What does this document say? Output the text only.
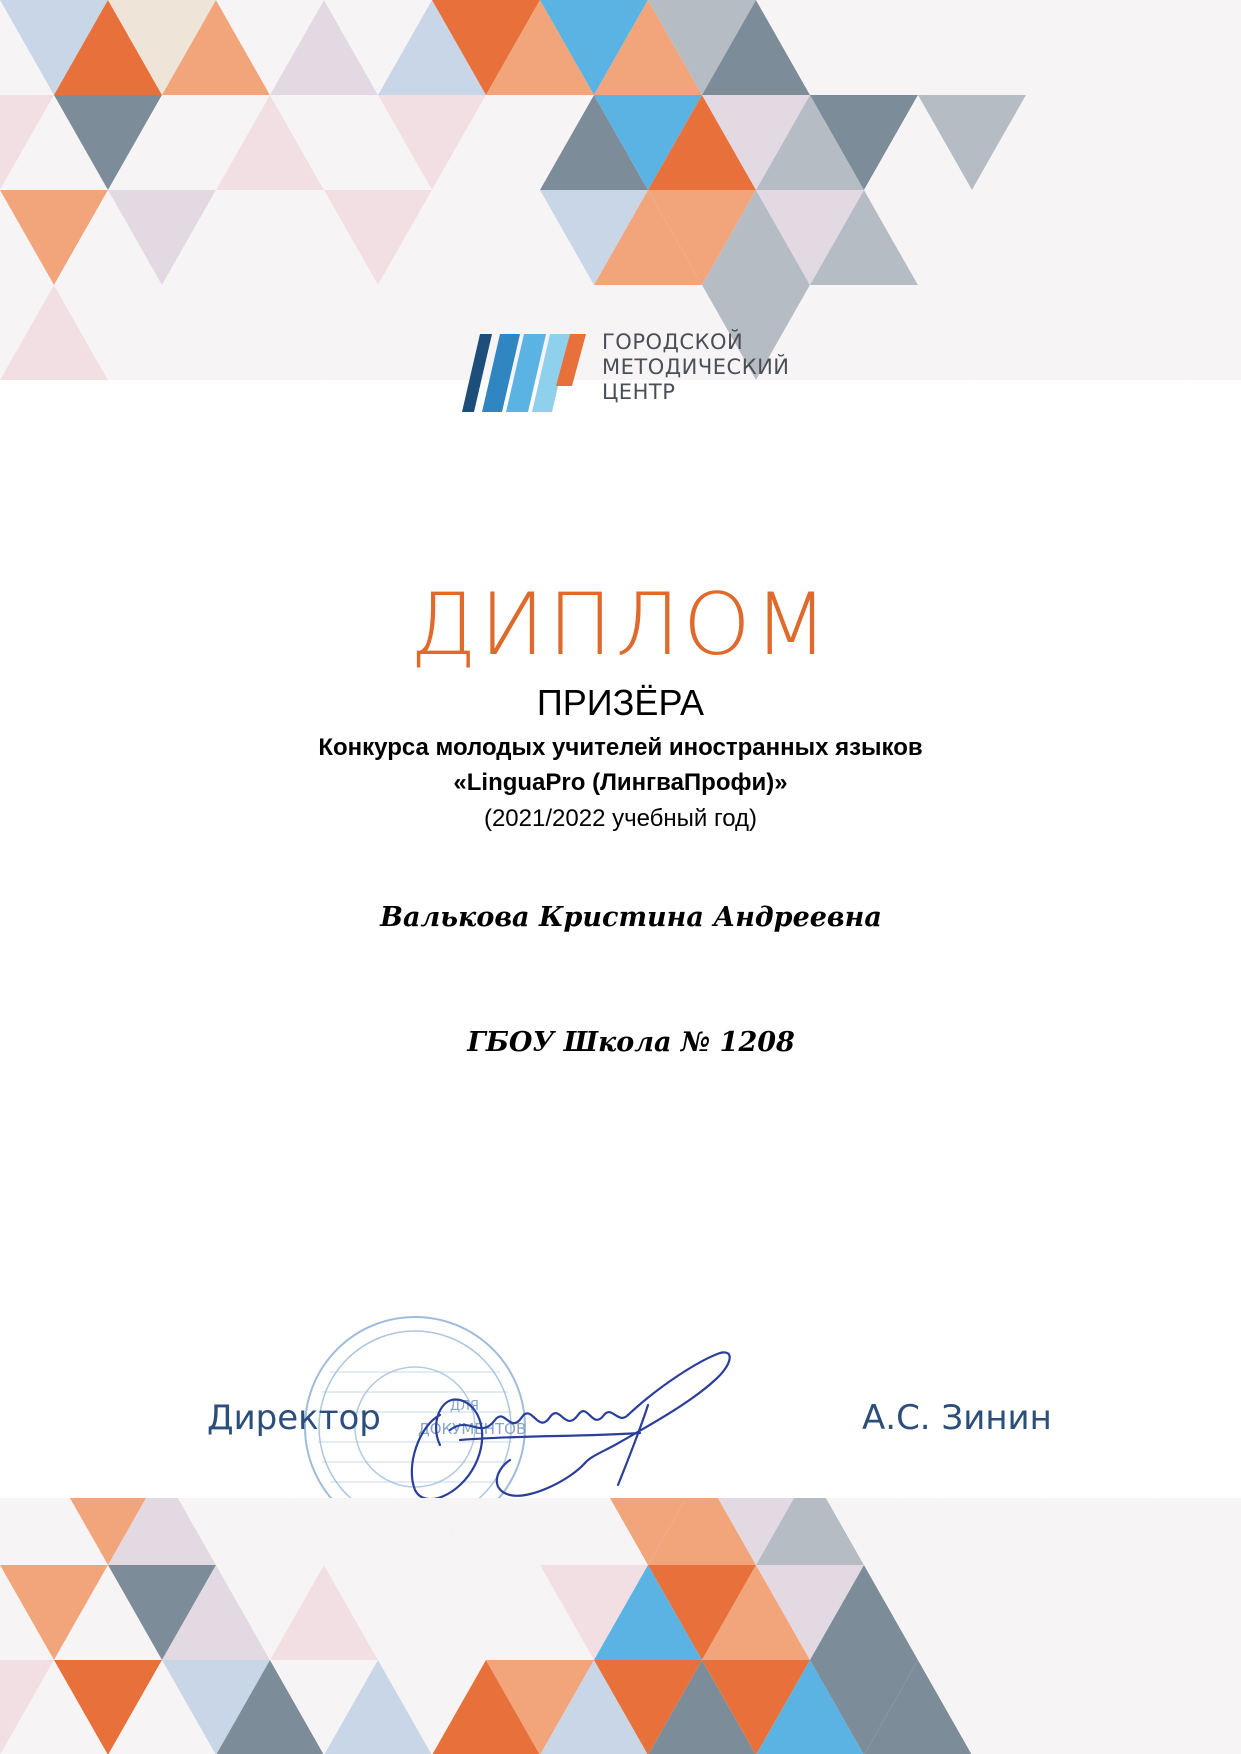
ГОРОДСКОЙ
МЕТОДИЧЕСКИЙ
ЦЕНТР
ДИПЛОМ
ПРИЗЁРА
Конкурса молодых учителей иностранных языков
«LinguaPro (ЛингваПрофи)»
(2021/2022 учебный год)
Валькова Кристина Андреевна
ГБОУ Школа № 1208
ДЛЯ
ДОКУМЕНТОВ
Директор	А.С. Зинин
